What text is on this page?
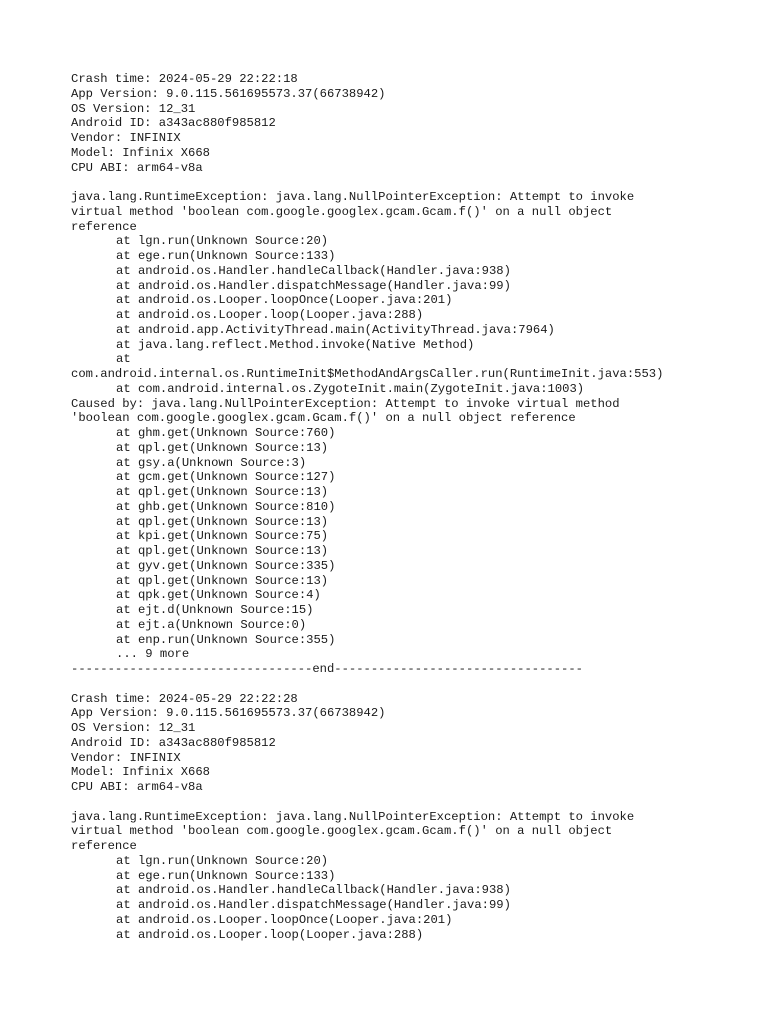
Crash time: 2024-05-29 22:22:18
App Version: 9.0.115.561695573.37(66738942)
OS Version: 12_31
Android ID: a343ac880f985812
Vendor: INFINIX
Model: Infinix X668
CPU ABI: arm64-v8a
java.lang.RuntimeException: java.lang.NullPointerException: Attempt to invoke
virtual method 'boolean com.google.googlex.gcam.Gcam.f()' on a null object
reference
at lgn.run(Unknown Source:20)
at ege.run(Unknown Source:133)
at android.os.Handler.handleCallback(Handler.java:938)
at android.os.Handler.dispatchMessage(Handler.java:99)
at android.os.Looper.loopOnce(Looper.java:201)
at android.os.Looper.loop(Looper.java:288)
at android.app.ActivityThread.main(ActivityThread.java:7964)
at java.lang.reflect.Method.invoke(Native Method)
at
com.android.internal.os.RuntimeInit$MethodAndArgsCaller.run(RuntimeInit.java:553)
at com.android.internal.os.ZygoteInit.main(ZygoteInit.java:1003)
Caused by: java.lang.NullPointerException: Attempt to invoke virtual method
'boolean com.google.googlex.gcam.Gcam.f()' on a null object reference
at ghm.get(Unknown Source:760)
at qpl.get(Unknown Source:13)
at gsy.a(Unknown Source:3)
at gcm.get(Unknown Source:127)
at qpl.get(Unknown Source:13)
at ghb.get(Unknown Source:810)
at qpl.get(Unknown Source:13)
at kpi.get(Unknown Source:75)
at qpl.get(Unknown Source:13)
at gyv.get(Unknown Source:335)
at qpl.get(Unknown Source:13)
at qpk.get(Unknown Source:4)
at ejt.d(Unknown Source:15)
at ejt.a(Unknown Source:0)
at enp.run(Unknown Source:355)
... 9 more
---------------------------------end----------------------------------
Crash time: 2024-05-29 22:22:28
App Version: 9.0.115.561695573.37(66738942)
OS Version: 12_31
Android ID: a343ac880f985812
Vendor: INFINIX
Model: Infinix X668
CPU ABI: arm64-v8a
java.lang.RuntimeException: java.lang.NullPointerException: Attempt to invoke
virtual method 'boolean com.google.googlex.gcam.Gcam.f()' on a null object
reference
at lgn.run(Unknown Source:20)
at ege.run(Unknown Source:133)
at android.os.Handler.handleCallback(Handler.java:938)
at android.os.Handler.dispatchMessage(Handler.java:99)
at android.os.Looper.loopOnce(Looper.java:201)
at android.os.Looper.loop(Looper.java:288)
